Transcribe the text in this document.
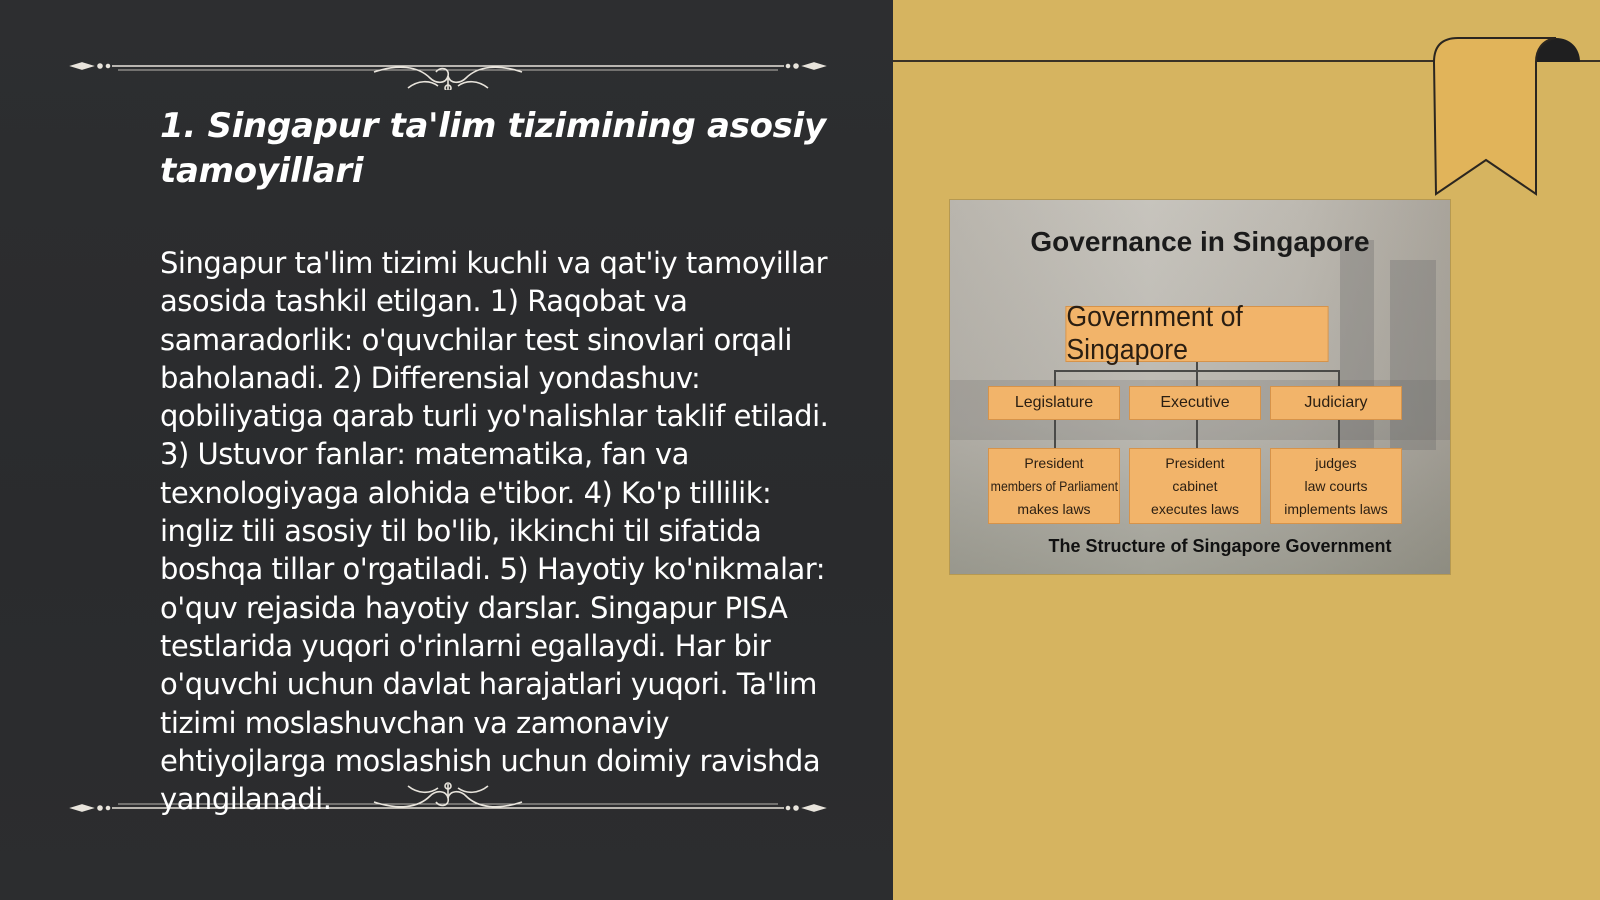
1. Singapur ta'lim tizimining asosiy tamoyillari

Singapur ta'lim tizimi kuchli va qat'iy tamoyillar asosida tashkil etilgan. 1) Raqobat va samaradorlik: o'quvchilar test sinovlari orqali baholanadi. 2) Differensial yondashuv: qobiliyatiga qarab turli yo'nalishlar taklif etiladi. 3) Ustuvor fanlar: matematika, fan va texnologiyaga alohida e'tibor. 4) Ko'p tillilik: ingliz tili asosiy til bo'lib, ikkinchi til sifatida boshqa tillar o'rgatiladi. 5) Hayotiy ko'nikmalar: o'quv rejasida hayotiy darslar. Singapur PISA testlarida yuqori o'rinlarni egallaydi. Har bir o'quvchi uchun davlat harajatlari yuqori. Ta'lim tizimi moslashuvchan va zamonaviy ehtiyojlarga moslashish uchun doimiy ravishda yangilanadi.

Governance in Singapore
Government of Singapore
Legislature	Executive	Judiciary
President
members of Parliament
makes laws
President
cabinet
executes laws
judges
law courts
implements laws
The Structure of Singapore Government
